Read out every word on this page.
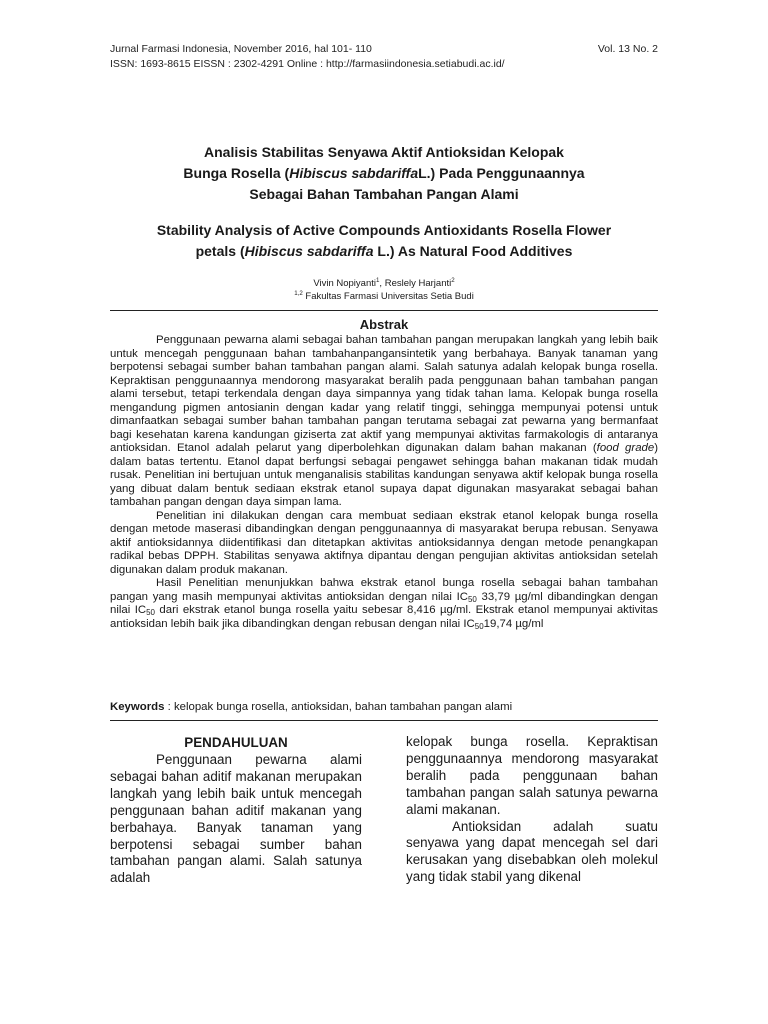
Jurnal Farmasi Indonesia, November 2016, hal 101- 110	Vol. 13 No. 2
ISSN: 1693-8615 EISSN : 2302-4291 Online : http://farmasiindonesia.setiabudi.ac.id/
Analisis Stabilitas Senyawa Aktif Antioksidan Kelopak
Bunga Rosella (Hibiscus sabdariffaL.) Pada Penggunaannya
Sebagai Bahan Tambahan Pangan Alami
Stability Analysis of Active Compounds Antioxidants Rosella Flower
petals (Hibiscus sabdariffa L.) As Natural Food Additives
Vivin Nopiyanti$^1$, Reslely Harjanti$^2$
$^{1,2}$ Fakultas Farmasi Universitas Setia Budi
Abstrak

Penggunaan pewarna alami sebagai bahan tambahan pangan merupakan langkah yang lebih baik untuk mencegah penggunaan bahan tambahanpangansintetik yang berbahaya. Banyak tanaman yang berpotensi sebagai sumber bahan tambahan pangan alami. Salah satunya adalah kelopak bunga rosella. Kepraktisan penggunaannya mendorong masyarakat beralih pada penggunaan bahan tambahan pangan alami tersebut, tetapi terkendala dengan daya simpannya yang tidak tahan lama. Kelopak bunga rosella mengandung pigmen antosianin dengan kadar yang relatif tinggi, sehingga mempunyai potensi untuk dimanfaatkan sebagai sumber bahan tambahan pangan terutama sebagai zat pewarna yang bermanfaat bagi kesehatan karena kandungan giziserta zat aktif yang mempunyai aktivitas farmakologis di antaranya antioksidan. Etanol adalah pelarut yang diperbolehkan digunakan dalam bahan makanan (food grade) dalam batas tertentu. Etanol dapat berfungsi sebagai pengawet sehingga bahan makanan tidak mudah rusak. Penelitian ini bertujuan untuk menganalisis stabilitas kandungan senyawa aktif kelopak bunga rosella yang dibuat dalam bentuk sediaan ekstrak etanol supaya dapat digunakan masyarakat sebagai bahan tambahan pangan dengan daya simpan lama.

Penelitian ini dilakukan dengan cara membuat sediaan ekstrak etanol kelopak bunga rosella dengan metode maserasi dibandingkan dengan penggunaannya di masyarakat berupa rebusan. Senyawa aktif antioksidannya diidentifikasi dan ditetapkan aktivitas antioksidannya dengan metode penangkapan radikal bebas DPPH. Stabilitas senyawa aktifnya dipantau dengan pengujian aktivitas antioksidan setelah digunakan dalam produk makanan.

Hasil Penelitian menunjukkan bahwa ekstrak etanol bunga rosella sebagai bahan tambahan pangan yang masih mempunyai aktivitas antioksidan dengan nilai $IC_{50}$ 33,79 µg/ml dibandingkan dengan nilai $IC_{50}$ dari ekstrak etanol bunga rosella yaitu sebesar 8,416 µg/ml. Ekstrak etanol mempunyai aktivitas antioksidan lebih baik jika dibandingkan dengan rebusan dengan nilai $IC_{50}19,74$ µg/ml

Keywords : kelopak bunga rosella, antioksidan, bahan tambahan pangan alami

PENDAHULUAN

Penggunaan pewarna alami sebagai bahan aditif makanan merupakan langkah yang lebih baik untuk mencegah penggunaan bahan aditif makanan yang berbahaya. Banyak tanaman yang berpotensi sebagai sumber bahan tambahan pangan alami. Salah satunya adalah

kelopak bunga rosella. Kepraktisan penggunaannya mendorong masyarakat beralih pada penggunaan bahan tambahan pangan salah satunya pewarna alami makanan.

Antioksidan adalah suatu senyawa yang dapat mencegah sel dari kerusakan yang disebabkan oleh molekul yang tidak stabil yang dikenal
